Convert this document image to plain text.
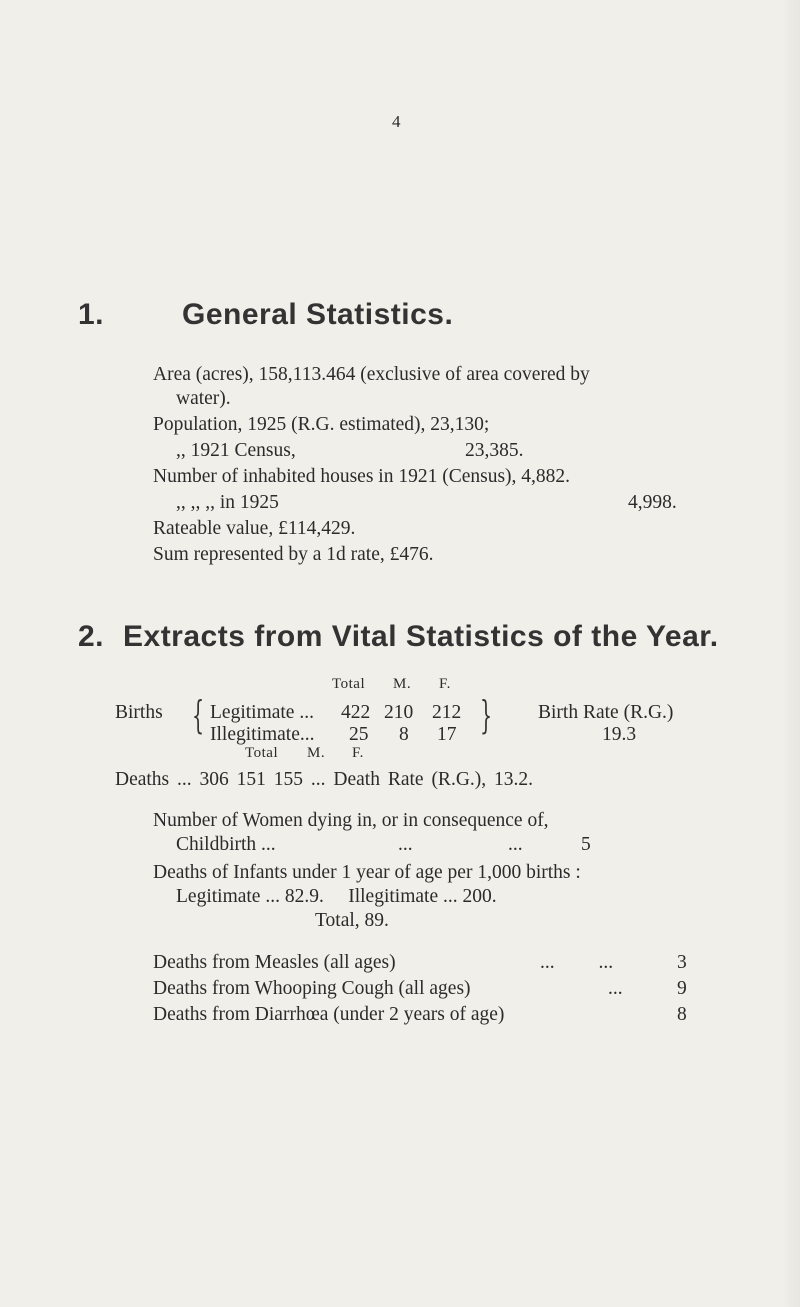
4
1.	General Statistics.
Area (acres), 158,113.464 (exclusive of area covered by
water).
Population, 1925 (R.G. estimated), 23,130;
,, 1921 Census,	23,385.
Number of inhabited houses in 1921 (Census), 4,882.
,, ,, ,, in 1925	4,998.
Rateable value, £114,429.
Sum represented by a 1d rate, £476.
2. Extracts from Vital Statistics of the Year.
Total M. F.
Births { Legitimate ... 422 210 212
Illegitimate... 25 8 17 } Birth Rate (R.G.)
19.3
Total M. F.
Deaths ... 306 151 155 ... Death Rate (R.G.), 13.2.
Number of Women dying in, or in consequence of,
Childbirth ...	...	...	5
Deaths of Infants under 1 year of age per 1,000 births :
Legitimate ... 82.9.     Illegitimate ... 200.
Total, 89.
Deaths from Measles (all ages)	...         ...	3
Deaths from Whooping Cough (all ages)	...	9
Deaths from Diarrhœa (under 2 years of age)	8
